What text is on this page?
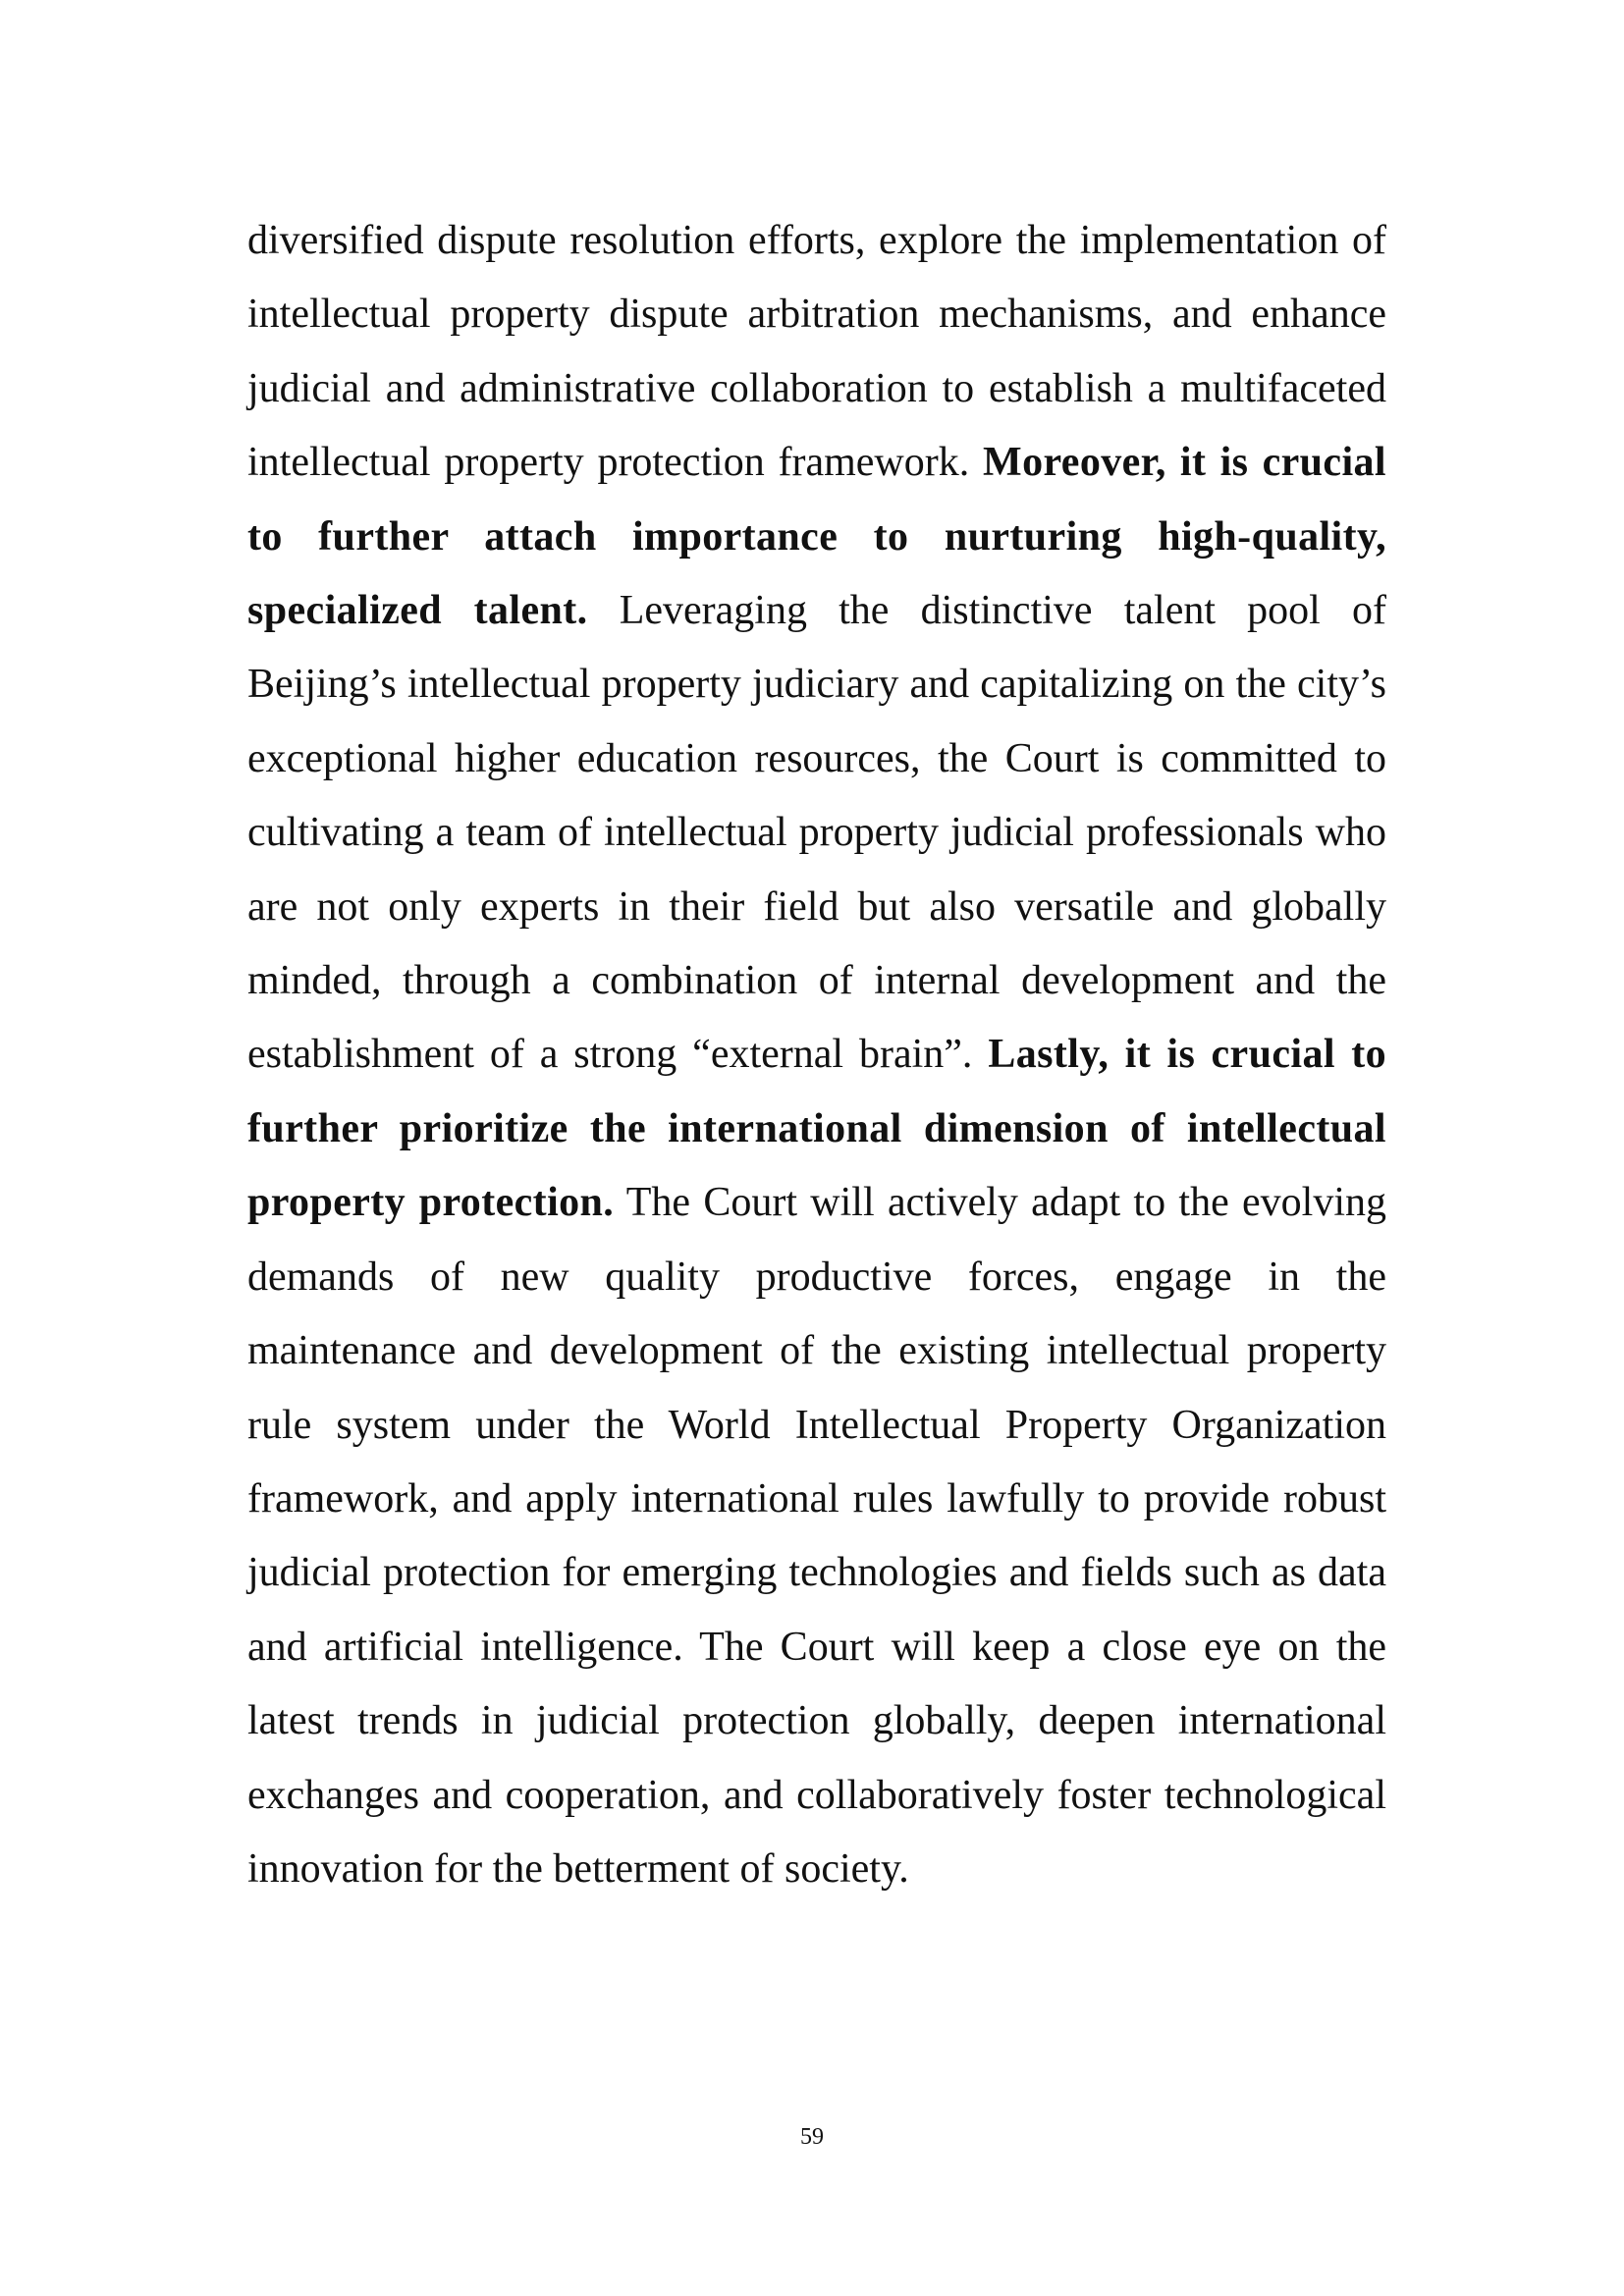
diversified dispute resolution efforts, explore the implementation of intellectual property dispute arbitration mechanisms, and enhance judicial and administrative collaboration to establish a multifaceted intellectual property protection framework. Moreover, it is crucial to further attach importance to nurturing high-quality, specialized talent. Leveraging the distinctive talent pool of Beijing’s intellectual property judiciary and capitalizing on the city’s exceptional higher education resources, the Court is committed to cultivating a team of intellectual property judicial professionals who are not only experts in their field but also versatile and globally minded, through a combination of internal development and the establishment of a strong “external brain”. Lastly, it is crucial to further prioritize the international dimension of intellectual property protection. The Court will actively adapt to the evolving demands of new quality productive forces, engage in the maintenance and development of the existing intellectual property rule system under the World Intellectual Property Organization framework, and apply international rules lawfully to provide robust judicial protection for emerging technologies and fields such as data and artificial intelligence. The Court will keep a close eye on the latest trends in judicial protection globally, deepen international exchanges and cooperation, and collaboratively foster technological innovation for the betterment of society.

59
